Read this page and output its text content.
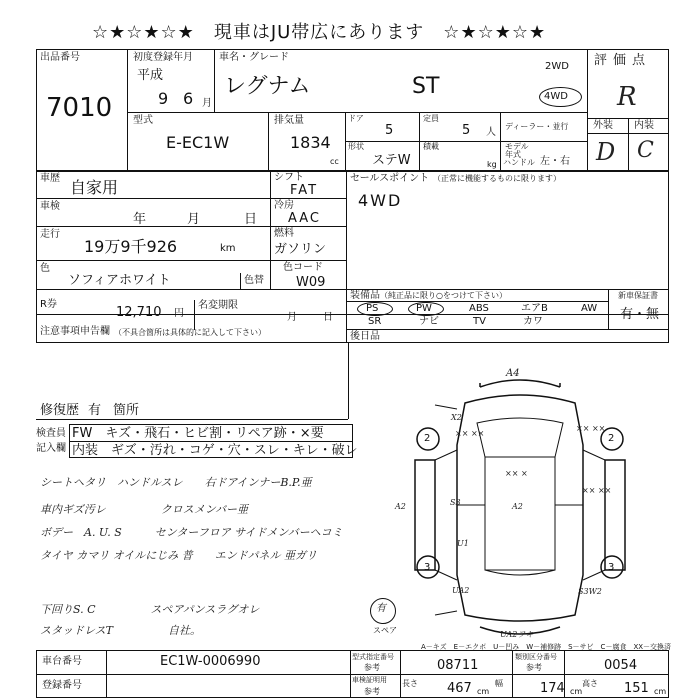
☆★☆★☆★　現車はJU帯広にあります　☆★☆★☆★
出品番号
7010
初度登録年月
平成
9 6 月
車名・グレード
レグナム	ST
2WD
4WD
評価点
R
外装 内装
D C
型式
E-EC1W
排気量
1834
cc
ドア
5
形状
ステW
定員
5 人
積載
kg
ディーラー・並行
モデル年式
ハンドル 左・右
車歴 自家用
車検
年	月	日
走行
19万9千926	km
シフト
FAT
冷房
AAC
燃料
ガソリン
色
ソフィアホワイト	色替
色コード
W09
R券
12,710 円
名変期限
月	日
注意事項申告欄 （不具合箇所は具体的に記入して下さい）
セールスポイント （正常に機能するものに限ります）
4WD
装備品 （純正品に限り○をつけて下さい）
PS	PW	ABS	エアB	AW
SR	ナビ	TV	カワ
新車保証書
有・無
後日品
修復歴 有 箇所
検査員
記入欄
FW　キズ・飛石・ヒビ割・リペア跡・×要
内装　ギズ・汚れ・コゲ・穴・スレ・キレ・破レ
シートヘタリ　ハンドルスレ　　右ドアインナーB.P.亜
車内ギズ汚レ　　　　　クロスメンバー亜
ボデー　A. U. S　　　センターフロア サイドメンバーヘコミ
タイヤ カマリ オイルにじみ 普　　エンドパネル 亜ガリ
下回りS. C　　　　　スペアパンスラグオレ
スタッドレスT　　　　　自社。
A4
2	2
X2
3	3
A2	A2
S3
U1
UA2	S3W2
UA2ヲキ
×× ××
×× ××
×× ×
×× ××
有
スペア
A－キズ　E－エクボ　U－凹み　W－補修跡　S－サビ　C－腐食　XX－交換済
車台番号	EC1W-0006990
登録番号
型式指定番号
参考	08711
類別区分番号
参考	0054
車検証明用
参考
長さ 467 cm
幅	174 cm
高さ 151 cm
